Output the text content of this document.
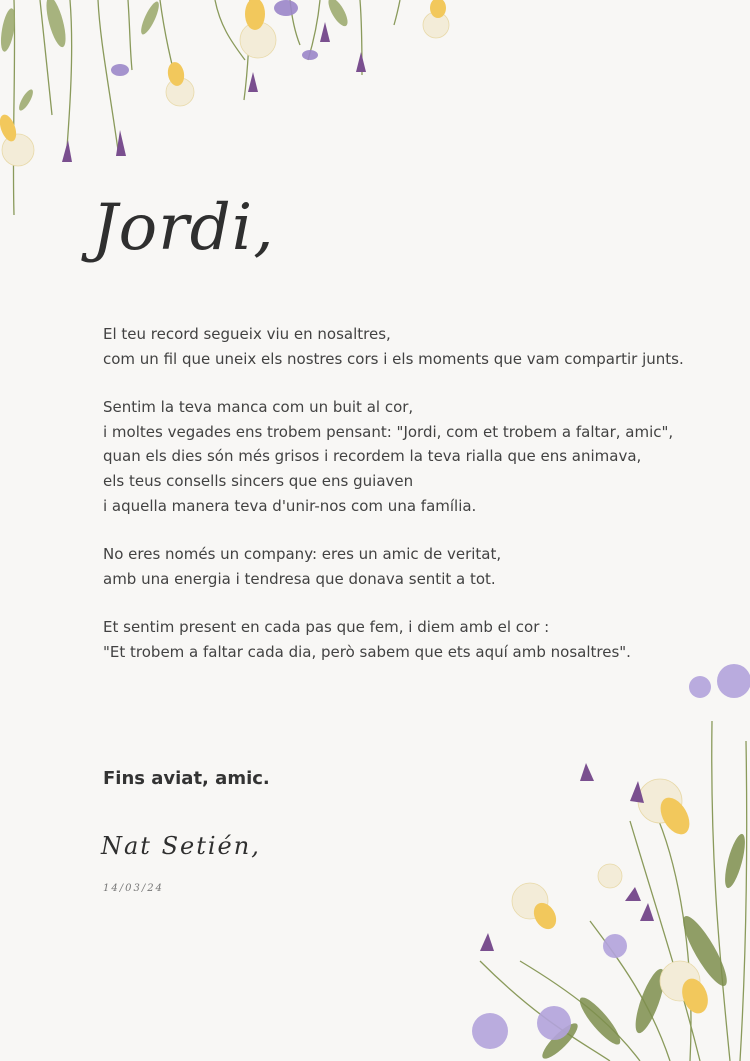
Jordi,

El teu record segueix viu en nosaltres,
com un fil que uneix els nostres cors i els moments que vam compartir junts.

Sentim la teva manca com un buit al cor,
i moltes vegades ens trobem pensant: "Jordi, com et trobem a faltar, amic",
quan els dies són més grisos i recordem la teva rialla que ens animava,
els teus consells sincers que ens guiaven
i aquella manera teva d'unir-nos com una família.

No eres només un company: eres un amic de veritat,
amb una energia i tendresa que donava sentit a tot.

Et sentim present en cada pas que fem, i diem amb el cor :
"Et trobem a faltar cada dia, però sabem que ets aquí amb nosaltres".

Fins aviat, amic.
Nat Setién,
14/03/24
